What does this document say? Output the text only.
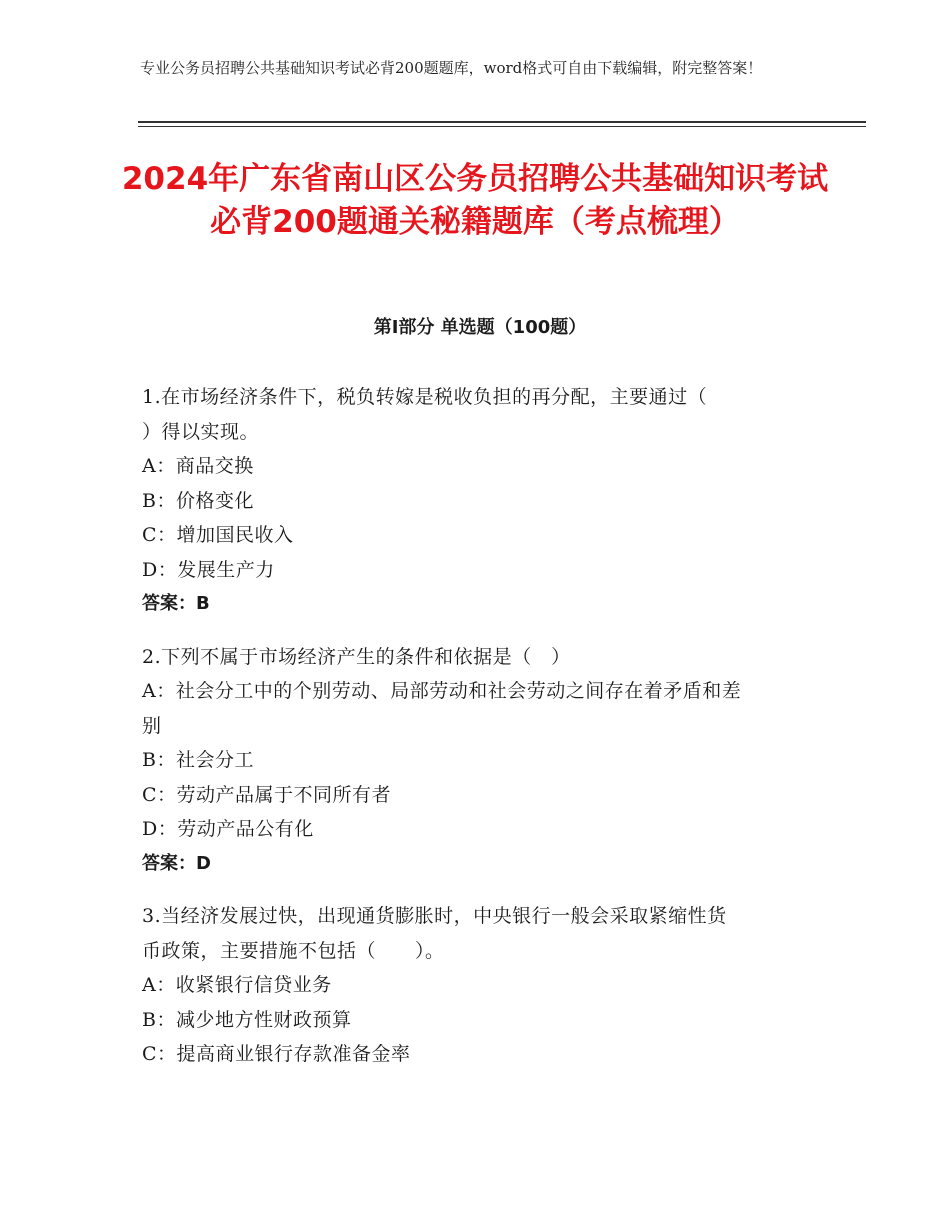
专业公务员招聘公共基础知识考试必背200题题库，word格式可自由下载编辑，附完整答案！
2024年广东省南山区公务员招聘公共基础知识考试必背200题通关秘籍题库（考点梳理）
第I部分 单选题（100题）
1.在市场经济条件下，税负转嫁是税收负担的再分配，主要通过（
）得以实现。
A：商品交换
B：价格变化
C：增加国民收入
D：发展生产力
答案：B
2.下列不属于市场经济产生的条件和依据是（　）
A：社会分工中的个别劳动、局部劳动和社会劳动之间存在着矛盾和差
别
B：社会分工
C：劳动产品属于不同所有者
D：劳动产品公有化
答案：D
3.当经济发展过快，出现通货膨胀时，中央银行一般会采取紧缩性货
币政策，主要措施不包括（　　）。
A：收紧银行信贷业务
B：减少地方性财政预算
C：提高商业银行存款准备金率
